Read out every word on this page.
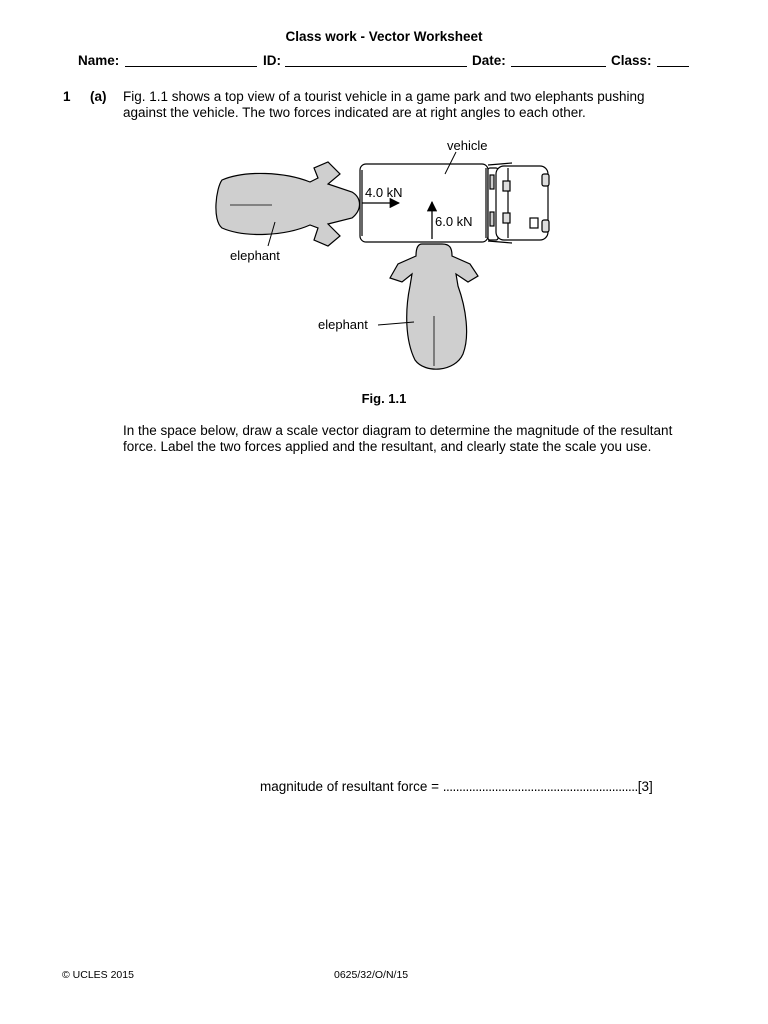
Class work - Vector Worksheet
Name:	ID:	Date:	Class:
1 (a) Fig. 1.1 shows a top view of a tourist vehicle in a game park and two elephants pushing
against the vehicle. The two forces indicated are at right angles to each other.
vehicle
elephant
elephant
4.0 kN
6.0 kN
Fig. 1.1
In the space below, draw a scale vector diagram to determine the magnitude of the resultant
force. Label the two forces applied and the resultant, and clearly state the scale you use.
magnitude of resultant force = ............................................................[3]
© UCLES 2015	0625/32/O/N/15
